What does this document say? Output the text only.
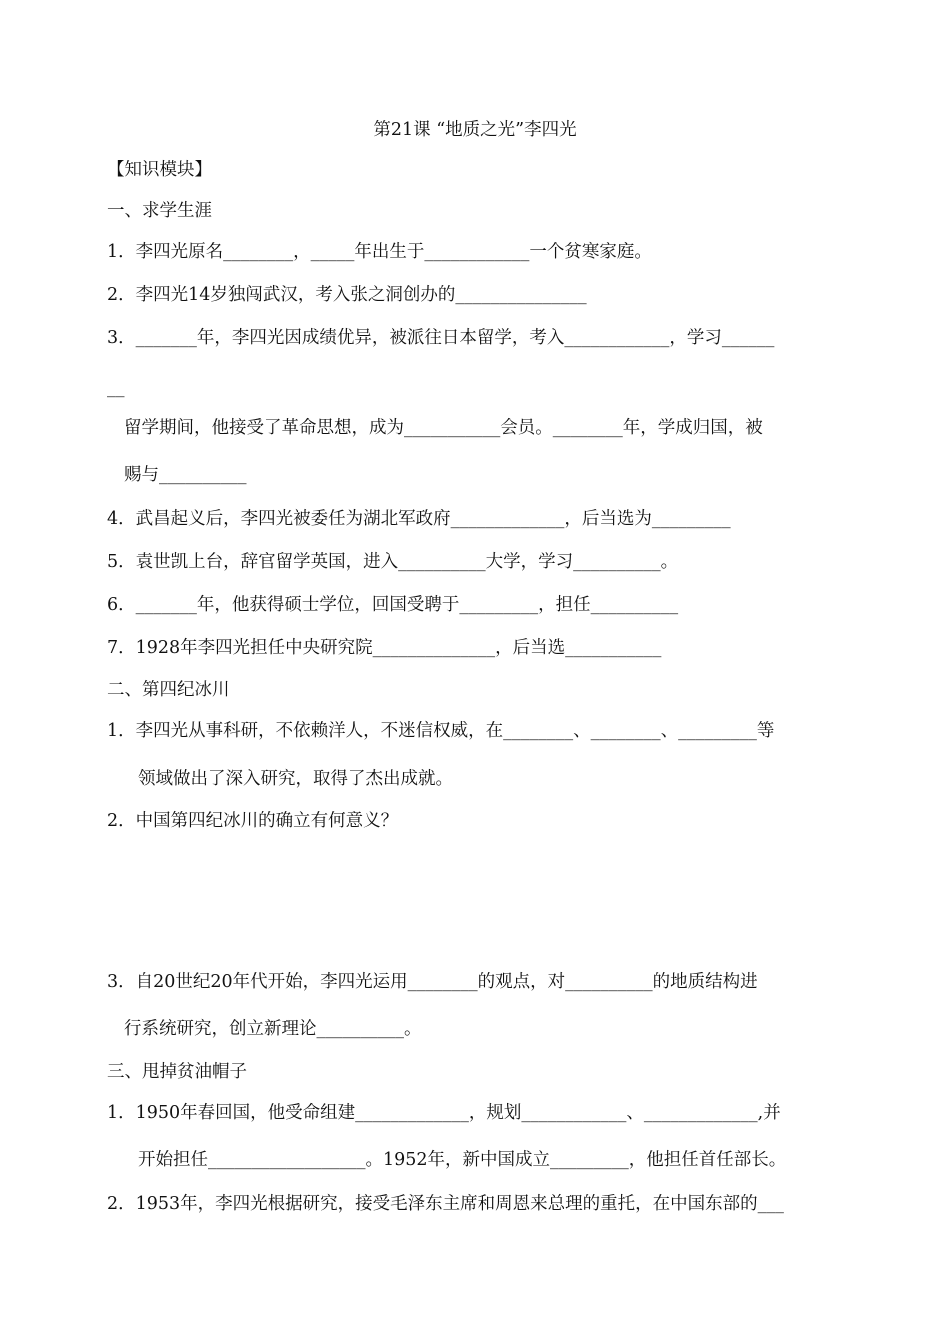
第21课 “地质之光”李四光
【知识模块】
一、求学生涯
1．李四光原名________，_____年出生于____________一个贫寒家庭。
2．李四光14岁独闯武汉，考入张之洞创办的_______________
3．_______年，李四光因成绩优异，被派往日本留学，考入____________，学习______
__
留学期间，他接受了革命思想，成为___________会员。________年，学成归国，被
赐与__________
4．武昌起义后，李四光被委任为湖北军政府_____________，后当选为_________
5．袁世凯上台，辞官留学英国，进入__________大学，学习__________。
6．_______年，他获得硕士学位，回国受聘于_________，担任__________
7．1928年李四光担任中央研究院______________，后当选___________
二、第四纪冰川
1．李四光从事科研，不依赖洋人，不迷信权威，在________、________、_________等
领域做出了深入研究，取得了杰出成就。
2．中国第四纪冰川的确立有何意义？
3．自20世纪20年代开始，李四光运用________的观点，对__________的地质结构进
行系统研究，创立新理论__________。
三、甩掉贫油帽子
1．1950年春回国，他受命组建_____________，规划____________、_____________,并
开始担任__________________。1952年，新中国成立_________，他担任首任部长。
2．1953年，李四光根据研究，接受毛泽东主席和周恩来总理的重托，在中国东部的___
